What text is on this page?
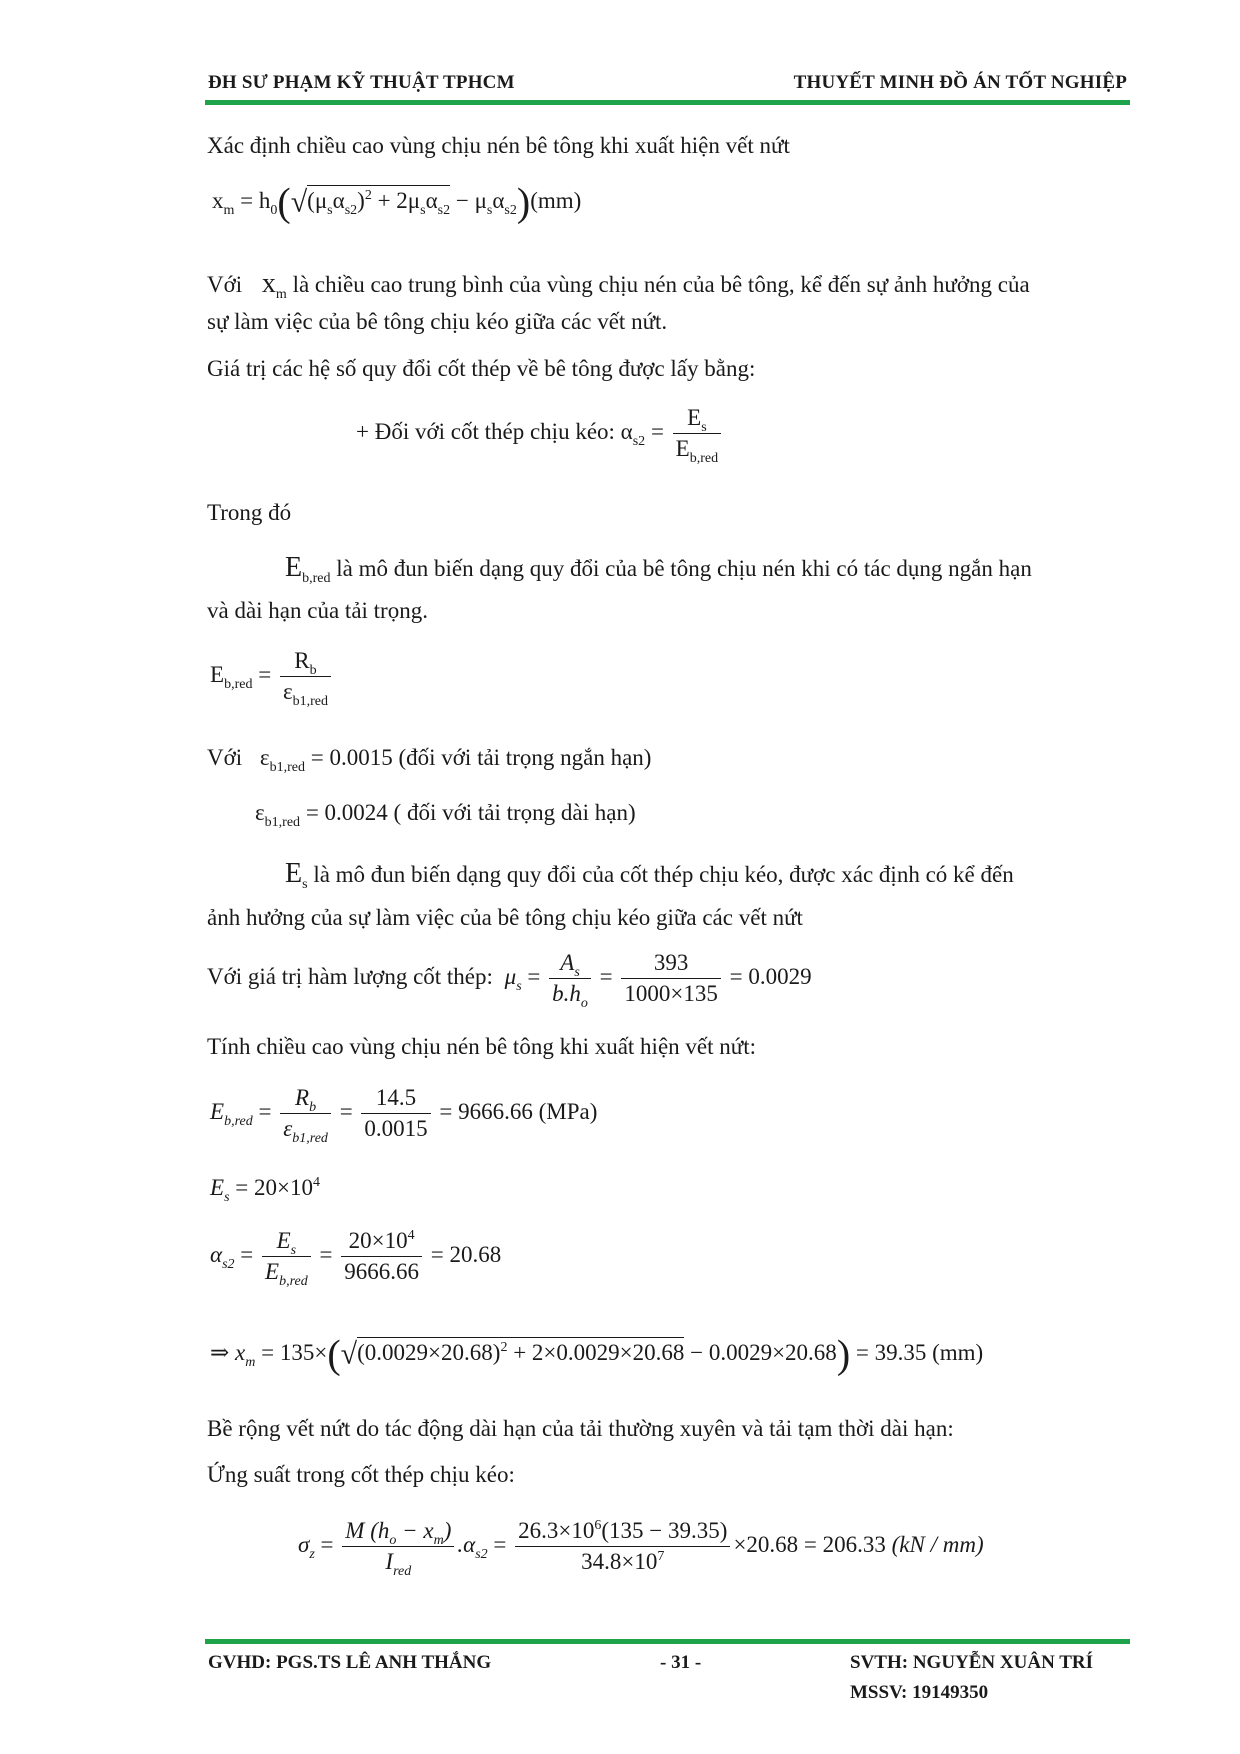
ĐH SƯ PHẠM KỸ THUẬT TPHCM	THUYẾT MINH ĐỒ ÁN TỐT NGHIỆP
Xác định chiều cao vùng chịu nén bê tông khi xuất hiện vết nứt
$x_m = h_0(√(\mu_s\alpha_{s2})^2 + 2\mu_s\alpha_{s2} - \mu_s\alpha_{s2})(mm)$
Với $x_m$ là chiều cao trung bình của vùng chịu nén của bê tông, kể đến sự ảnh hưởng của
sự làm việc của bê tông chịu kéo giữa các vết nứt.
Giá trị các hệ số quy đổi cốt thép về bê tông được lấy bằng:
+ Đối với cốt thép chịu kéo: $\alpha_{s2} = \frac{E_s}{E_{b,red}}$
Trong đó
$E_{b,red}$ là mô đun biến dạng quy đổi của bê tông chịu nén khi có tác dụng ngắn hạn
và dài hạn của tải trọng.
$E_{b,red} = \frac{R_b}{\varepsilon_{b1,red}}$
Với $\varepsilon_{b1,red} = 0.0015$ (đối với tải trọng ngắn hạn)
$\varepsilon_{b1,red} = 0.0024$ ( đối với tải trọng dài hạn)
$E_s$ là mô đun biến dạng quy đổi của cốt thép chịu kéo, được xác định có kể đến
ảnh hưởng của sự làm việc của bê tông chịu kéo giữa các vết nứt
Với giá trị hàm lượng cốt thép: $\mu_s = \frac{A_s}{b.h_o} = \frac{393}{1000\times 135} = 0.0029$
Tính chiều cao vùng chịu nén bê tông khi xuất hiện vết nứt:
$E_{b,red} = \frac{R_b}{\varepsilon_{b1,red}} = \frac{14.5}{0.0015} = 9666.66$ (MPa)
$E_s = 20\times 10^4$
$\alpha_{s2} = \frac{E_s}{E_{b,red}} = \frac{20\times 10^4}{9666.66} = 20.68$
⇒ $x_m = 135\times(√(0.0029\times 20.68)^2 + 2\times 0.0029\times 20.68 - 0.0029\times 20.68) = 39.35$ (mm)
Bề rộng vết nứt do tác động dài hạn của tải thường xuyên và tải tạm thời dài hạn:
Ứng suất trong cốt thép chịu kéo:
$\sigma_z = \frac{M (h_o - x_m)}{I_{red}} .\alpha_{s2} = \frac{26.3\times 10^6(135 - 39.35)}{34.8\times 10^7} \times 20.68 = 206.33$ (kN / mm)
GVHD: PGS.TS LÊ ANH THẮNG	- 31 -	SVTH: NGUYỄN XUÂN TRÍ
MSSV: 19149350
